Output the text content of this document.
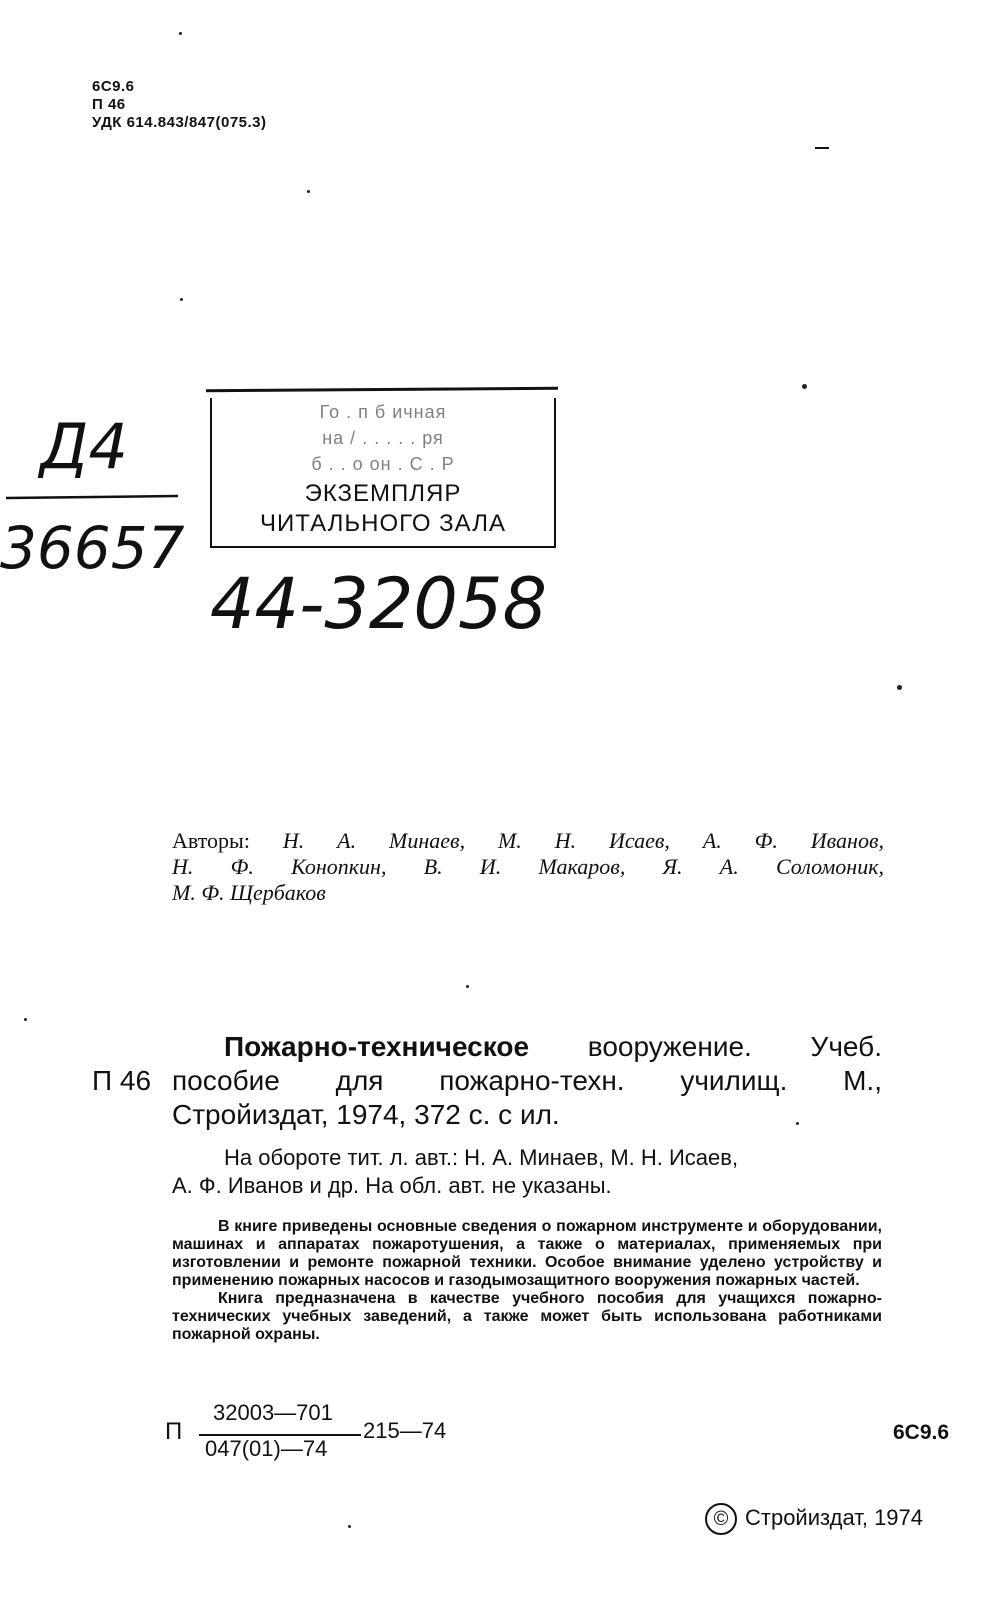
6С9.6
П 46
УДК 614.843/847(075.3)
Го . п б ичная
на / . . . . . ря
б . . о он . С . Р
ЭКЗЕМПЛЯР
ЧИТАЛЬНОГО ЗАЛА
Д4
36657
44-32058

Авторы: Н. А. Минаев, М. Н. Исаев, А. Ф. Иванов,

Н. Ф. Конопкин, В. И. Макаров, Я. А. Соломоник,

М. Ф. Щербаков

П 46
Пожарно-техническое вооружение. Учеб.
пособие для пожарно-техн. училищ. М.,
Стройиздат, 1974, 372 с. с ил.

На обороте тит. л. авт.: Н. А. Минаев, М. Н. Исаев,

А. Ф. Иванов и др. На обл. авт. не указаны.

В книге приведены основные сведения о пожарном инструменте и оборудовании, машинах и аппаратах пожаротушения, а также о материалах, применяемых при изготовлении и ремонте пожарной техники. Особое внимание уделено устройству и применению пожарных насосов и газодымозащитного вооружения пожарных частей.

Книга предназначена в качестве учебного пособия для учащихся пожарно-технических учебных заведений, а также может быть использована работниками пожарной охраны.

П
32003—701
047(01)—74
215—74	6С9.6
© Стройиздат, 1974
